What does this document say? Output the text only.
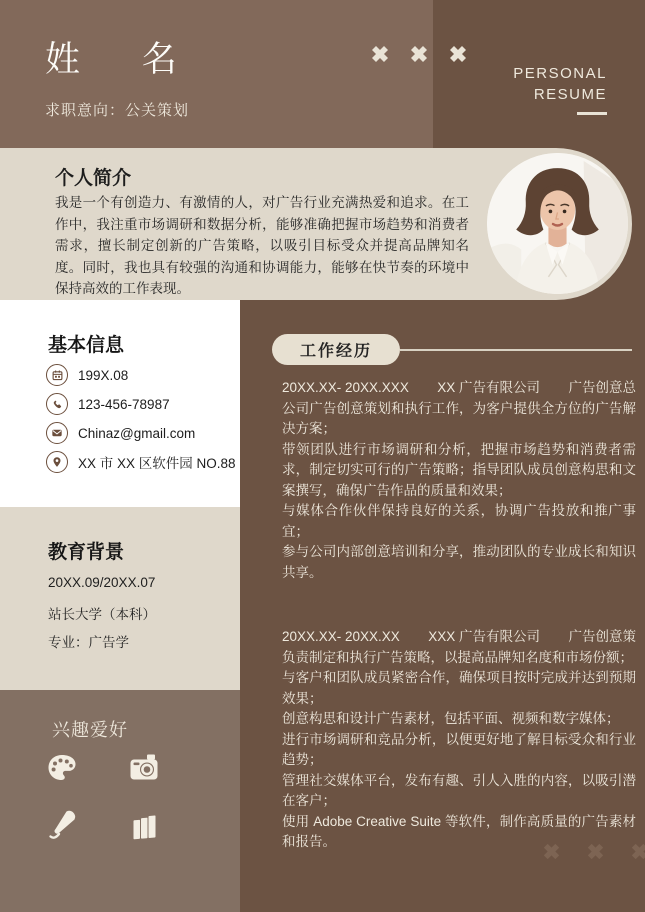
姓 名
求职意向：公关策划
PERSONAL
RESUME
个人简介
我是一个有创造力、有激情的人，对广告行业充满热爱和追求。在工作中，我注重市场调研和数据分析，能够准确把握市场趋势和消费者需求，擅长制定创新的广告策略，以吸引目标受众并提高品牌知名度。同时，我也具有较强的沟通和协调能力，能够在快节奏的环境中保持高效的工作表现。
基本信息
199X.08
123-456-78987
Chinaz@gmail.com
XX 市 XX 区软件园 NO.88
教育背景
20XX.09/20XX.07
站长大学（本科）
专业：广告学
兴趣爱好
工作经历
20XX.XX- 20XX.XXX XX 广告有限公司 广告创意总
公司广告创意策划和执行工作，为客户提供全方位的广告解决方案；
带领团队进行市场调研和分析，把握市场趋势和消费者需求，制定切实可行的广告策略；指导团队成员创意构思和文案撰写，确保广告作品的质量和效果；
与媒体合作伙伴保持良好的关系，协调广告投放和推广事宜；
参与公司内部创意培训和分享，推动团队的专业成长和知识共享。
20XX.XX- 20XX.XX XXX 广告有限公司 广告创意策
负责制定和执行广告策略，以提高品牌知名度和市场份额；
与客户和团队成员紧密合作，确保项目按时完成并达到预期效果；
创意构思和设计广告素材，包括平面、视频和数字媒体；
进行市场调研和竞品分析，以便更好地了解目标受众和行业趋势；
管理社交媒体平台，发布有趣、引人入胜的内容，以吸引潜在客户；
使用 Adobe Creative Suite 等软件，制作高质量的广告素材和报告。
